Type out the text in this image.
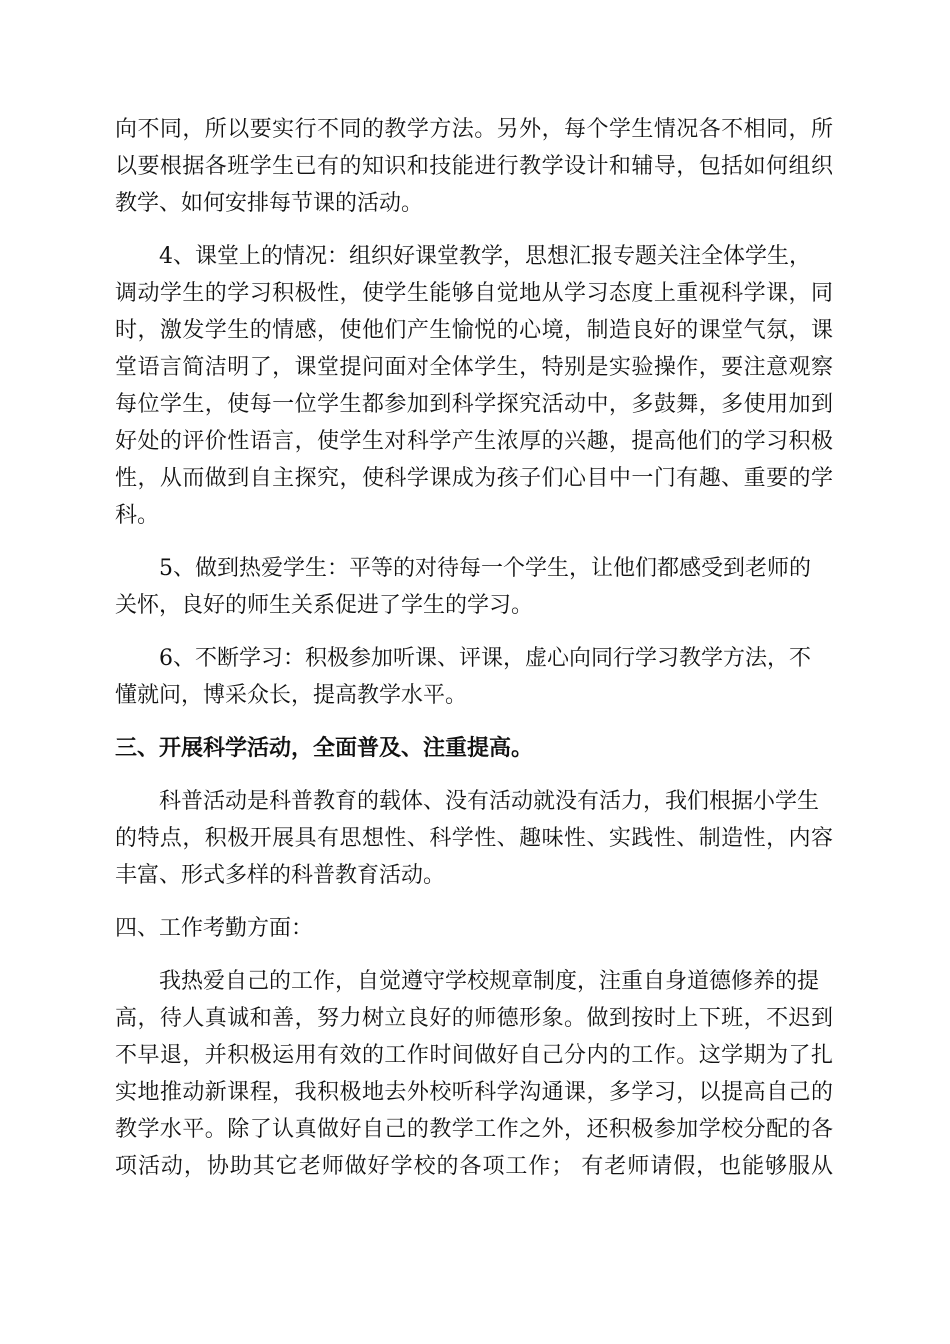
向不同，所以要实行不同的教学方法。另外，每个学生情况各不相同，所
以要根据各班学生已有的知识和技能进行教学设计和辅导，包括如何组织
教学、如何安排每节课的活动。
4、课堂上的情况：组织好课堂教学，思想汇报专题关注全体学生，
调动学生的学习积极性，使学生能够自觉地从学习态度上重视科学课，同
时，激发学生的情感，使他们产生愉悦的心境，制造良好的课堂气氛，课
堂语言简洁明了，课堂提问面对全体学生，特别是实验操作，要注意观察
每位学生，使每一位学生都参加到科学探究活动中，多鼓舞，多使用加到
好处的评价性语言，使学生对科学产生浓厚的兴趣，提高他们的学习积极
性，从而做到自主探究，使科学课成为孩子们心目中一门有趣、重要的学
科。
5、做到热爱学生：平等的对待每一个学生，让他们都感受到老师的
关怀，良好的师生关系促进了学生的学习。
6、不断学习：积极参加听课、评课，虚心向同行学习教学方法，不
懂就问，博采众长，提高教学水平。
三、开展科学活动，全面普及、注重提高。
科普活动是科普教育的载体、没有活动就没有活力，我们根据小学生
的特点，积极开展具有思想性、科学性、趣味性、实践性、制造性，内容
丰富、形式多样的科普教育活动。
四、工作考勤方面：
我热爱自己的工作，自觉遵守学校规章制度，注重自身道德修养的提
高，待人真诚和善，努力树立良好的师德形象。做到按时上下班，不迟到
不早退，并积极运用有效的工作时间做好自己分内的工作。这学期为了扎
实地推动新课程，我积极地去外校听科学沟通课，多学习，以提高自己的
教学水平。除了认真做好自己的教学工作之外，还积极参加学校分配的各
项活动，协助其它老师做好学校的各项工作； 有老师请假，也能够服从
